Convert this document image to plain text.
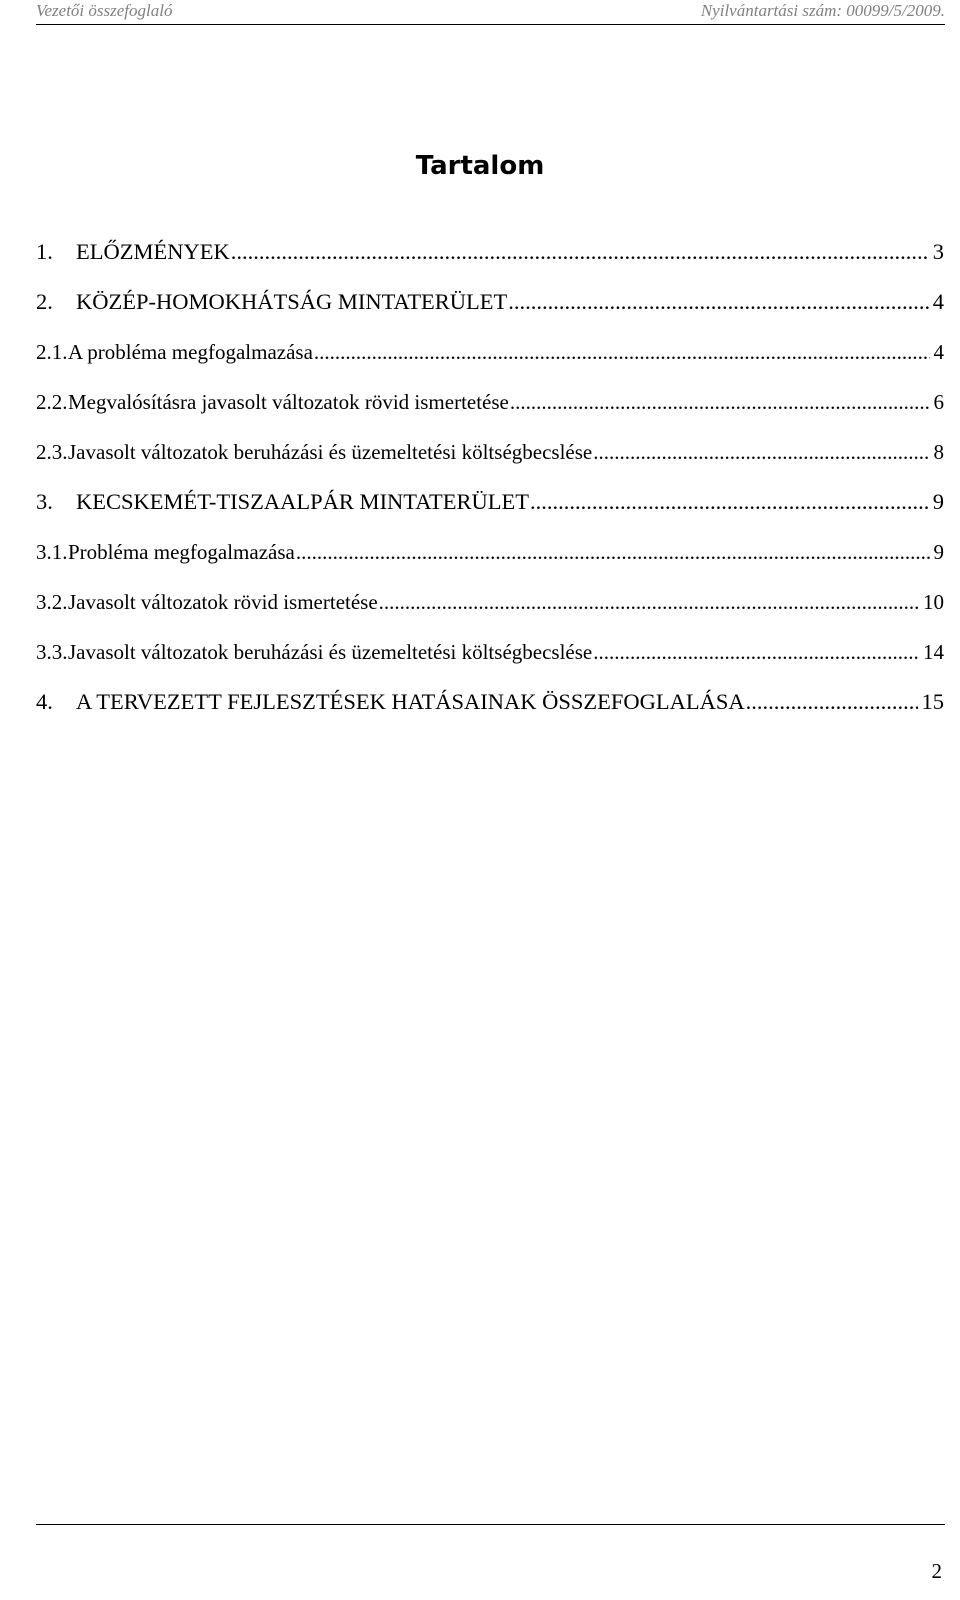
Vezetői összefoglaló	Nyilvántartási szám: 00099/5/2009.
Tartalom
1.	ELŐZMÉNYEK .....	3
2.	KÖZÉP-HOMOKHÁTSÁG MINTATERÜLET .....	4
2.1. A probléma megfogalmazása .....	4
2.2. Megvalósításra javasolt változatok rövid ismertetése .....	6
2.3. Javasolt változatok beruházási és üzemeltetési költségbecslése .....	8
3.	KECSKEMÉT-TISZAALPÁR MINTATERÜLET .....	9
3.1. Probléma megfogalmazása .....	9
3.2. Javasolt változatok rövid ismertetése .....	10
3.3. Javasolt változatok beruházási és üzemeltetési költségbecslése .....	14
4.	A TERVEZETT FEJLESZTÉSEK HATÁSAINAK ÖSSZEFOGLALÁSA .....	15
2
